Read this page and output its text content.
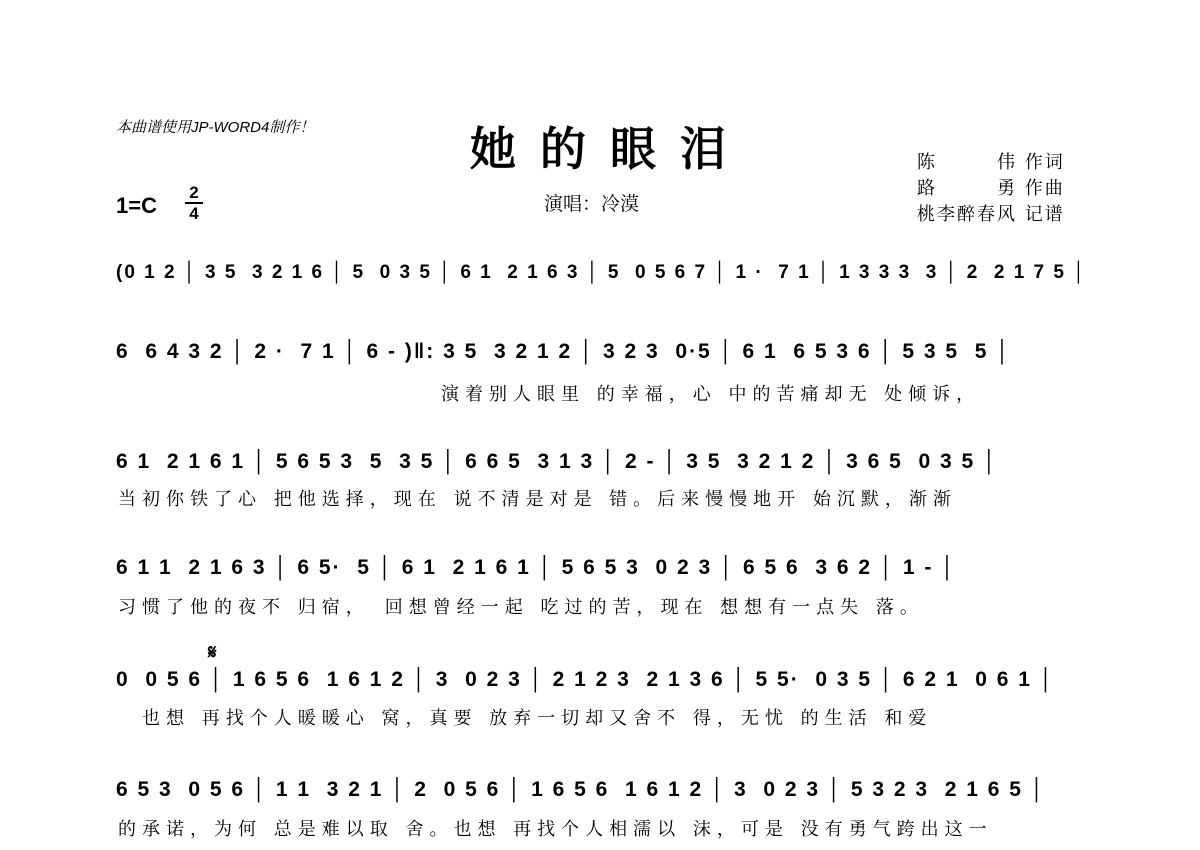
本曲谱使用JP-WORD4制作！	她 的 眼 泪
1=C
2
4	演唱：冷漠
陈　　　伟 作词
路　　　勇 作曲
桃李醉春风 记谱
(0 1 2 │ 3 5  3 2 1 6 │ 5  0 3 5 │ 6 1  2 1 6 3 │ 5  0 5 6 7 │ 1 ·  7 1 │ 1 3 3 3  3 │ 2  2 1 7 5 │
6  6 4 3 2 │ 2 ·  7 1 │ 6 - )‖: 3 5  3 2 1 2 │ 3 2 3  0·5 │ 6 1  6 5 3 6 │ 5 3 5  5 │
演着别人眼里 的幸福，心 中的苦痛却无 处倾诉，
6 1  2 1 6 1 │ 5 6 5 3  5  3 5 │ 6 6 5  3 1 3 │ 2 - │ 3 5  3 2 1 2 │ 3 6 5  0 3 5 │
当初你铁了心 把他选择，现在 说不清是对是 错。后来慢慢地开 始沉默，渐渐
6 1 1  2 1 6 3 │ 6 5·  5 │ 6 1  2 1 6 1 │ 5 6 5 3  0 2 3 │ 6 5 6  3 6 2 │ 1 - │
习惯了他的夜不 归宿，　回想曾经一起 吃过的苦，现在 想想有一点失 落。
𝄋
0  0 5 6 │ 1 6 5 6  1 6 1 2 │ 3  0 2 3 │ 2 1 2 3  2 1 3 6 │ 5 5·  0 3 5 │ 6 2 1  0 6 1 │
　也想 再找个人暖暖心 窝，真要 放弃一切却又舍不 得，无忧 的生活 和爱
6 5 3  0 5 6 │ 1 1  3 2 1 │ 2  0 5 6 │ 1 6 5 6  1 6 1 2 │ 3  0 2 3 │ 5 3 2 3  2 1 6 5 │
的承诺，为何 总是难以取 舍。也想 再找个人相濡以 沫，可是 没有勇气跨出这一
